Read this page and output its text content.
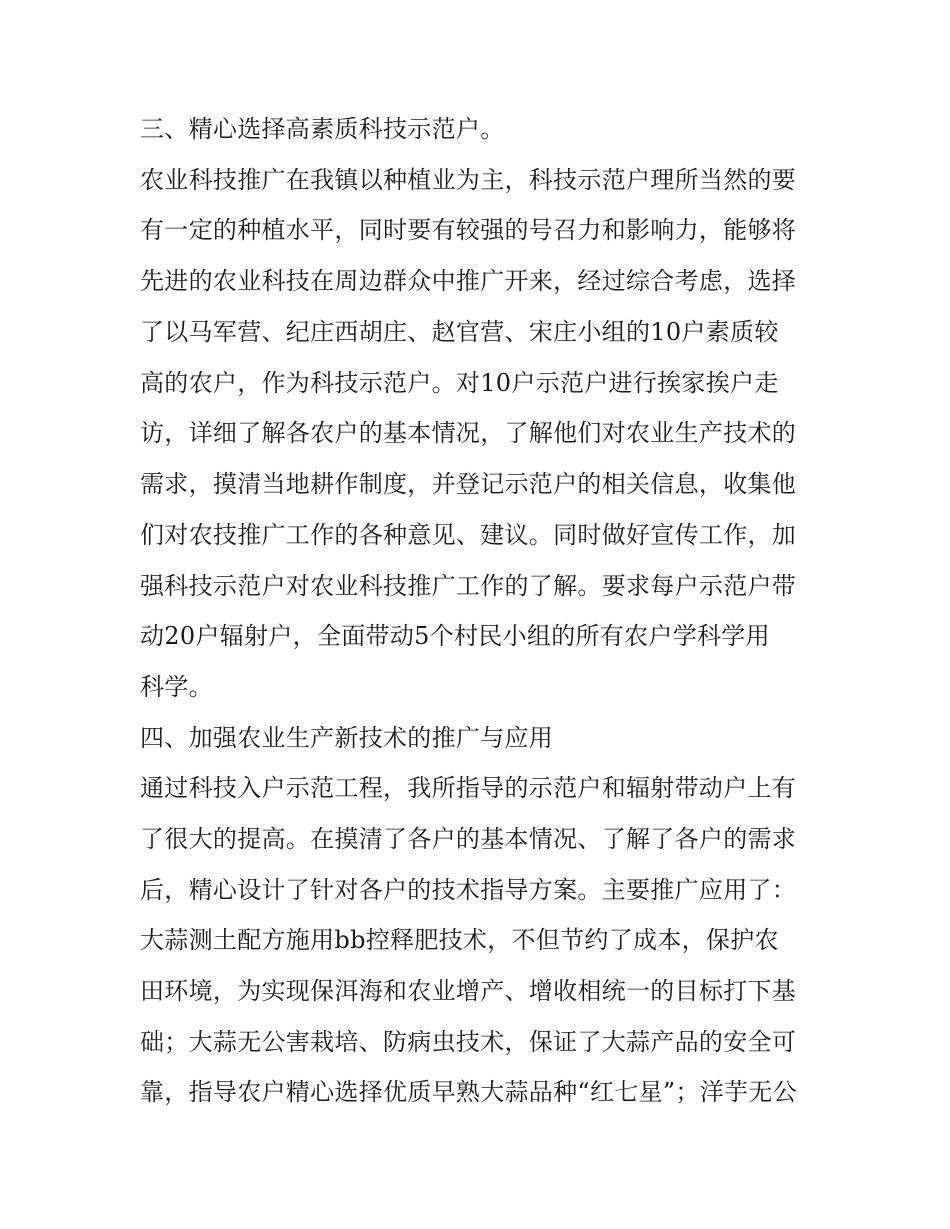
三、精心选择高素质科技示范户。

农业科技推广在我镇以种植业为主，科技示范户理所当然的要

有一定的种植水平，同时要有较强的号召力和影响力，能够将

先进的农业科技在周边群众中推广开来，经过综合考虑，选择

了以马军营、纪庄西胡庄、赵官营、宋庄小组的10户素质较

高的农户，作为科技示范户。对10户示范户进行挨家挨户走

访，详细了解各农户的基本情况，了解他们对农业生产技术的

需求，摸清当地耕作制度，并登记示范户的相关信息，收集他

们对农技推广工作的各种意见、建议。同时做好宣传工作，加

强科技示范户对农业科技推广工作的了解。要求每户示范户带

动20户辐射户，全面带动5个村民小组的所有农户学科学用

科学。

四、加强农业生产新技术的推广与应用

通过科技入户示范工程，我所指导的示范户和辐射带动户上有

了很大的提高。在摸清了各户的基本情况、了解了各户的需求

后，精心设计了针对各户的技术指导方案。主要推广应用了：

大蒜测土配方施用bb控释肥技术，不但节约了成本，保护农

田环境，为实现保洱海和农业增产、增收相统一的目标打下基

础；大蒜无公害栽培、防病虫技术，保证了大蒜产品的安全可

靠，指导农户精心选择优质早熟大蒜品种“红七星”；洋芋无公
